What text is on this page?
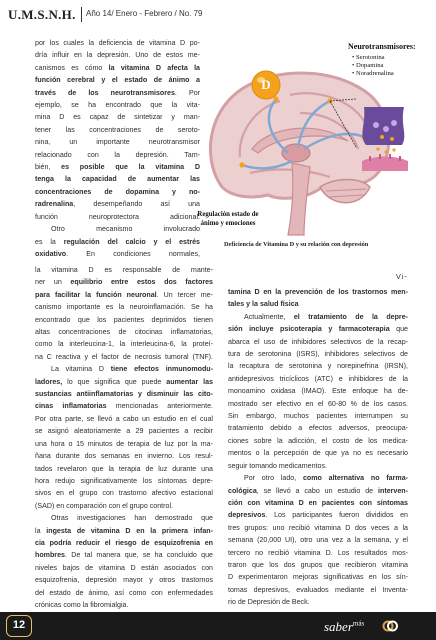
U.M.S.N.H. Año 14/ Enero - Febrero / No. 79
por los cuales la deficiencia de vitamina D po-
dría influir en la depresión. Uno de estos me-
canismos es cómo la vitamina D afecta la
función cerebral y el estado de ánimo a
través de los neurotransmisores. Por
ejemplo, se ha encontrado que la vita-
mina D es capaz de sintetizar y man-
tener las concentraciones de seroto-
nina, un importante neurotransmisor
relacionado con la depresión. Tam-
bién, es posible que la vitamina D
tenga la capacidad de aumentar las
concentraciones de dopamina y no-
radrenalina, desempeñando así una
función neuroprotectora adicional.
Otro mecanismo involucrado
es la regulación del calcio y el estrés
oxidativo. En condiciones normales,
D
Neurotransmisores:
• Serotonina
• Dopamina
• Noradrenalina
Regulación estado de
ánimo y emociones
Deficiencia de Vitamina D y su relación con depresión
Vi-
la vitamina D es responsable de mante-
ner un equilibrio entre estos dos factores
para facilitar la función neuronal. Un tercer me-
canismo importante es la neuroinflamación. Se ha
encontrado que los pacientes deprimidos tienen
altas concentraciones de citocinas inflamatorias,
como la interleucina-1, la interleucina-6, la proteí-
na C reactiva y el factor de necrosis tumoral (TNF).
La vitamina D tiene efectos inmunomodu-
ladores, lo que significa que puede aumentar las
sustancias antiinflamatorias y disminuir las cito-
cinas inflamatorias mencionadas anteriormente.
Por otra parte, se llevó a cabo un estudio en el cual
se asignó aleatoriamente a 29 pacientes a recibir
una hora o 15 minutos de terapia de luz por la ma-
ñana durante dos semanas en invierno. Los resul-
tados revelaron que la terapia de luz durante una
hora redujo significativamente los síntomas depre-
sivos en el grupo con trastorno afectivo estacional
(SAD) en comparación con el grupo control.
Otras investigaciones han demostrado que
la ingesta de vitamina D en la primera infan-
cia podría reducir el riesgo de esquizofrenia en
hombres. De tal manera que, se ha concluido que
niveles bajos de vitamina D están asociados con
esquizofrenia, depresión mayor y otros trastornos
del estado de ánimo, así como con enfermedades
crónicas como la fibromialgia.
tamina D en la prevención de los trastornos men-
tales y la salud física
Actualmente, el tratamiento de la depre-
sión incluye psicoterapia y farmacoterapia que
abarca el uso de inhibidores selectivos de la recap-
tura de serotonina (ISRS), inhibidores selectivos de
la recaptura de serotonina y norepinefrina (IRSN),
antidepresivos tricíclicos (ATC) e inhibidores de la
monoamino oxidasa (IMAO). Este enfoque ha de-
mostrado ser efectivo en el 60-80 % de los casos.
Sin embargo, muchos pacientes interrumpen su
tratamiento debido a efectos adversos, preocupa-
ciones sobre la adicción, el costo de los medica-
mentos o la percepción de que ya no es necesario
seguir tomando medicamentos.
Por otro lado, como alternativa no farma-
cológica, se llevó a cabo un estudio de interven-
ción con vitamina D en pacientes con síntomas
depresivos. Los participantes fueron divididos en
tres grupos: uno recibió vitamina D dos veces a la
semana (20,000 UI), otro una vez a la semana, y el
tercero no recibió vitamina D. Los resultados mos-
traron que los dos grupos que recibieron vitamina
D experimentaron mejoras significativas en los sín-
tomas depresivos, evaluados mediante el Inventa-
rio de Depresión de Beck.
12	saber$^{más}$
